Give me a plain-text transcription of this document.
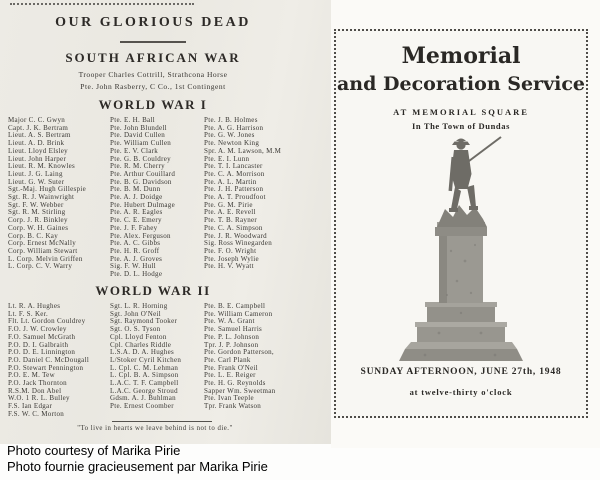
OUR GLORIOUS DEAD
SOUTH AFRICAN WAR
Trooper Charles Cottrill, Strathcona Horse
Pte. John Rasberry, C Co., 1st Contingent
WORLD WAR I
Major C. C. Gwyn
Capt. J. K. Bertram
Lieut. A. S. Bertram
Lieut. A. D. Brink
Lieut. Lloyd Elsley
Lieut. John Harper
Lieut. R. M. Knowles
Lieut. J. G. Laing
Lieut. G. W. Suter
Sgt.-Maj. Hugh Gillespie
Sgt. R. J. Wainwright
Sgt. F. W. Webber
Sgt. R. M. Stirling
Corp. J. R. Binkley
Corp. W. H. Gaines
Corp. B. C. Kay
Corp. Ernest McNally
Corp. William Stewart
L. Corp. Melvin Griffen
L. Corp. C. V. Warry
Pte. E. H. Ball
Pte. John Blundell
Pte. David Cullen
Pte. William Cullen
Pte. E. V. Clark
Pte. G. B. Couldrey
Pte. R. M. Cherry
Pte. Arthur Couillard
Pte. B. G. Davidson
Pte. B. M. Dunn
Pte. A. J. Doidge
Pte. Hubert Dulmage
Pte. A. R. Eagles
Pte. C. E. Emery
Pte. J. F. Fahey
Pte. Alex. Ferguson
Pte. A. C. Gibbs
Pte. H. R. Groff
Pte. A. J. Groves
Sig. F. W. Hull
Pte. D. L. Hodge
Pte. J. B. Holmes
Pte. A. G. Harrison
Pte. G. W. Jones
Pte. Newton King
Spr. A. M. Lawson, M.M
Pte. E. I. Lunn
Pte. T. I. Lancaster
Pte. C. A. Morrison
Pte. A. L. Martin
Pte. J. H. Patterson
Pte. A. T. Proudfoot
Pte. G. M. Pirie
Pte. A. E. Revell
Pte. T. B. Rayner
Pte. C. A. Simpson
Pte. J. R. Woodward
Sig. Ross Winegarden
Pte. F. O. Wright
Pte. Joseph Wylie
Pte. H. V. Wyatt
WORLD WAR II
Lt. R. A. Hughes
Lt. F. S. Ker.
Flt. Lt. Gordon Couldrey
F.O. J. W. Crowley
F.O. Samuel McGrath
P.O. D. I. Galbraith
P.O. D. E. Linnington
P.O. Daniel C. McDougall
P.O. Stewart Pennington
P.O. E. M. Tew
P.O. Jack Thornton
R.S.M. Don Abel
W.O. 1 R. L. Bulley
F.S. Ian Edgar
F.S. W. C. Morton
Sgt. L. R. Horning
Sgt. John O'Neil
Sgt. Raymond Tooker
Sgt. O. S. Tyson
Cpl. Lloyd Fenton
Cpl. Charles Riddle
L.S.A. D. A. Hughes
L/Stoker Cyril Kitchen
L. Cpl. C. M. Lehman
L. Cpl. B. A. Simpson
L.A.C. T. F. Campbell
L.A.C. George Stroud
Gdsm. A. J. Buhlman
Pte. Ernest Coomber
Pte. B. E. Campbell
Pte. William Cameron
Pte. W. A. Grant
Pte. Samuel Harris
Pte. P. L. Johnson
Tpr. J. P. Johnson
Pte. Gordon Patterson,
Pte. Carl Plank
Pte. Frank O'Neil
Pte. L. E. Reiger
Pte. H. G. Reynolds
Sapper Wm. Sweetman
Pte. Ivan Teeple
Tpr. Frank Watson
"To live in hearts we leave behind is not to die."
Memorial
and Decoration Service
AT MEMORIAL SQUARE
In The Town of Dundas
SUNDAY AFTERNOON, JUNE 27th, 1948
at twelve-thirty o'clock
Photo courtesy of Marika Pirie
Photo fournie gracieusement par Marika Pirie
